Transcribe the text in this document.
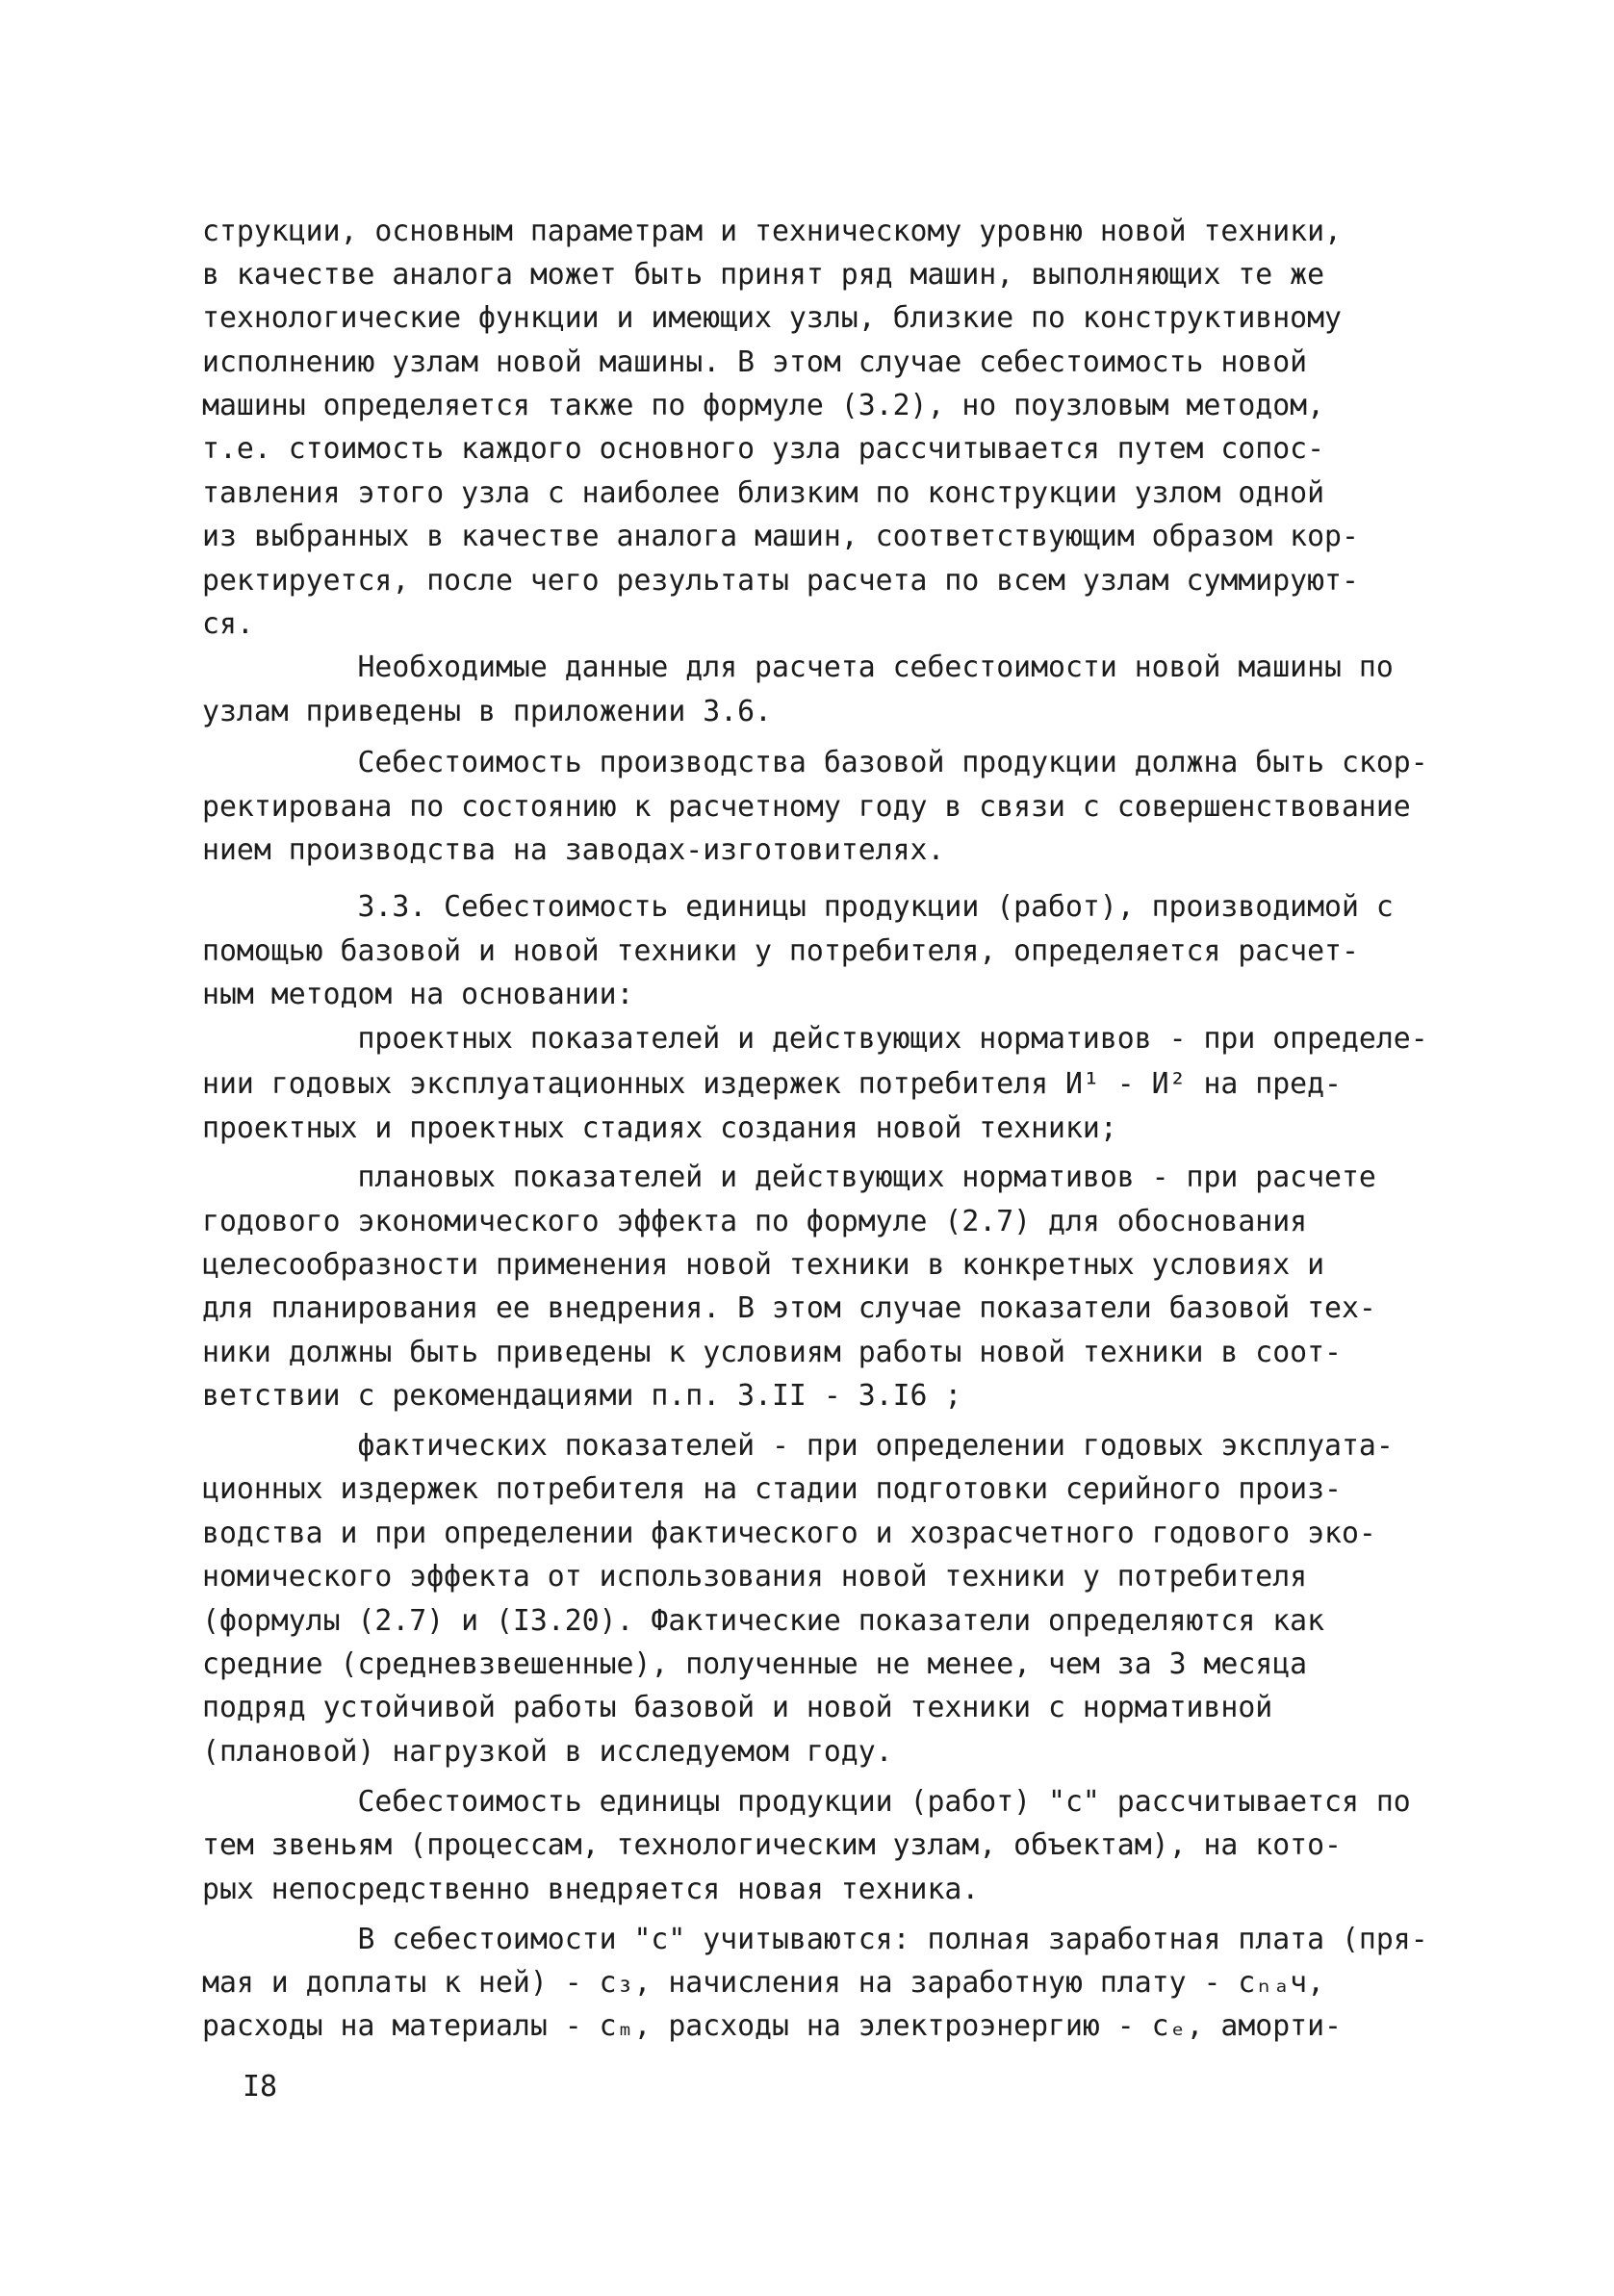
струкции, основным параметрам и техническому уровню новой техники,

в качестве аналога может быть принят ряд машин, выполняющих те же

технологические функции и имеющих узлы, близкие по конструктивному

исполнению узлам новой машины. В этом случае себестоимость новой

машины определяется также по формуле (3.2), но поузловым методом,

т.е. стоимость каждого основного узла рассчитывается путем сопос-

тавления этого узла с наиболее близким по конструкции узлом одной

из выбранных в качестве аналога машин, соответствующим образом кор-

ректируется, после чего результаты расчета по всем узлам суммируют-

ся.

Необходимые данные для расчета себестоимости новой машины по

узлам приведены в приложении 3.6.

Себестоимость производства базовой продукции должна быть скор-

ректирована по состоянию к расчетному году в связи с совершенствование

нием производства на заводах-изготовителях.

3.3. Себестоимость единицы продукции (работ), производимой с

помощью базовой и новой техники у потребителя, определяется расчет-

ным методом на основании:

проектных показателей и действующих нормативов - при определе-

нии годовых эксплуатационных издержек потребителя И¹ - И² на пред-

проектных и проектных стадиях создания новой техники;

плановых показателей и действующих нормативов - при расчете

годового экономического эффекта по формуле (2.7) для обоснования

целесообразности применения новой техники в конкретных условиях и

для планирования ее внедрения. В этом случае показатели базовой тех-

ники должны быть приведены к условиям работы новой техники в соот-

ветствии с рекомендациями п.п. 3.II - 3.I6 ;

фактических показателей - при определении годовых эксплуата-

ционных издержек потребителя на стадии подготовки серийного произ-

водства и при определении фактического и хозрасчетного годового эко-

номического эффекта от использования новой техники у потребителя

(формулы (2.7) и (I3.20). Фактические показатели определяются как

средние (средневзвешенные), полученные не менее, чем за 3 месяца

подряд устойчивой работы базовой и новой техники с нормативной

(плановой) нагрузкой в исследуемом году.

Себестоимость единицы продукции (работ) "с" рассчитывается по

тем звеньям (процессам, технологическим узлам, объектам), на кото-

рых непосредственно внедряется новая техника.

В себестоимости "с" учитываются: полная заработная плата (пря-

мая и доплаты к ней) - с₃, начисления на заработную плату - сₙₐч,

расходы на материалы - сₘ, расходы на электроэнергию - сₑ, аморти-

I8
